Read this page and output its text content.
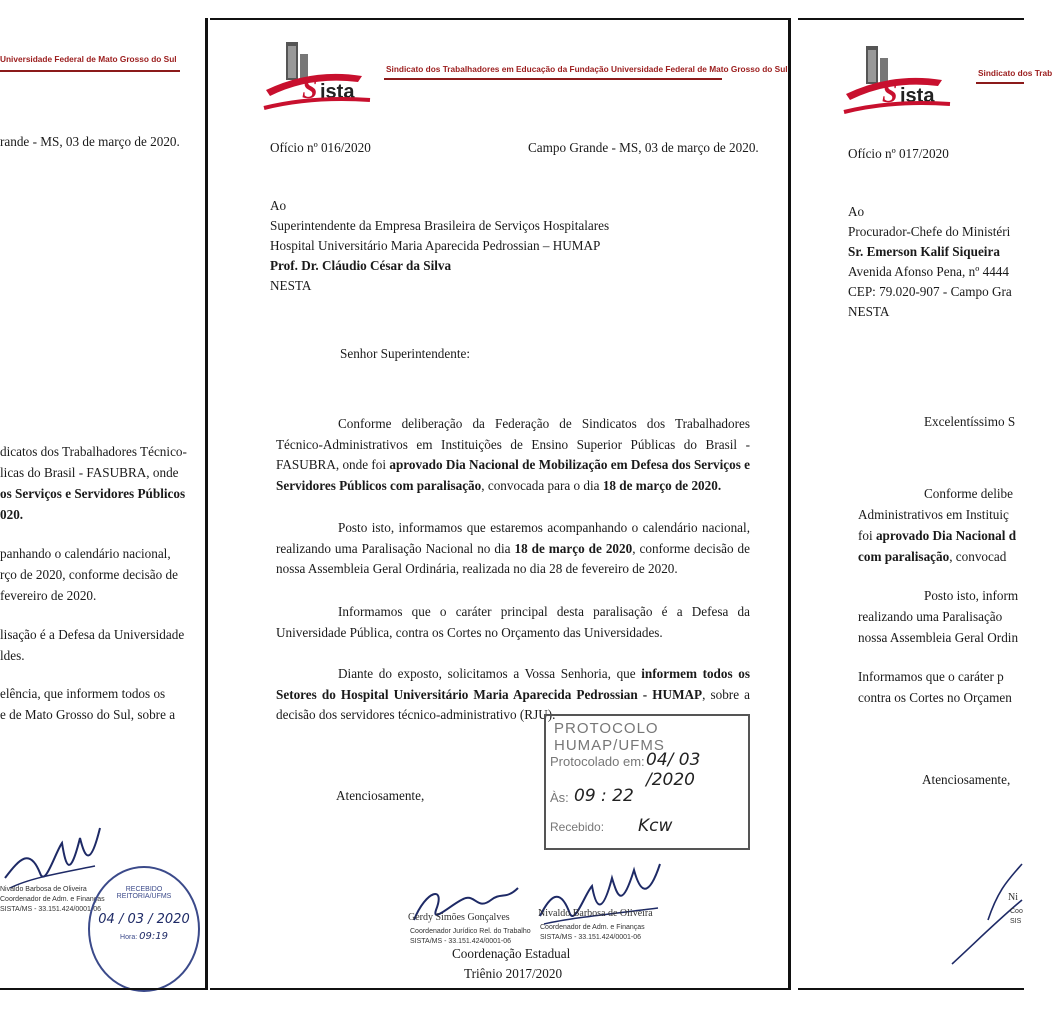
Universidade Federal de Mato Grosso do Sul
rande - MS, 03 de março de 2020.
dicatos dos Trabalhadores Técnico-
licas do Brasil - FASUBRA, onde
os Serviços e Servidores Públicos
020.
panhando o calendário nacional,
rço de 2020, conforme decisão de
fevereiro de 2020.
lisação é a Defesa da Universidade
ldes.
elência, que informem todos os
e de Mato Grosso do Sul, sobre a
Nivaldo Barbosa de Oliveira
Coordenador de Adm. e Finanças
SISTA/MS - 33.151.424/0001-06
RECEBIDO
REITORIA/UFMS
04 / 03 / 2020
Hora: 09:19
S ista
Sindicato dos Trabalhadores em Educação da Fundação Universidade Federal de Mato Grosso do Sul
Ofício nº 016/2020	Campo Grande - MS, 03 de março de 2020.
Ao
Superintendente da Empresa Brasileira de Serviços Hospitalares
Hospital Universitário Maria Aparecida Pedrossian – HUMAP
Prof. Dr. Cláudio César da Silva
NESTA
Senhor Superintendente:
Conforme deliberação da Federação de Sindicatos dos Trabalhadores Técnico-Administrativos em Instituições de Ensino Superior Públicas do Brasil - FASUBRA, onde foi aprovado Dia Nacional de Mobilização em Defesa dos Serviços e Servidores Públicos com paralisação, convocada para o dia 18 de março de 2020.
Posto isto, informamos que estaremos acompanhando o calendário nacional, realizando uma Paralisação Nacional no dia 18 de março de 2020, conforme decisão de nossa Assembleia Geral Ordinária, realizada no dia 28 de fevereiro de 2020.
Informamos que o caráter principal desta paralisação é a Defesa da Universidade Pública, contra os Cortes no Orçamento das Universidades.
Diante do exposto, solicitamos a Vossa Senhoria, que informem todos os Setores do Hospital Universitário Maria Aparecida Pedrossian - HUMAP, sobre a decisão dos servidores técnico-administrativo (RJU).
Atenciosamente,
PROTOCOLO HUMAP/UFMS
Protocolado em: 04/ 03 /2020
Às: 09 : 22
Recebido: Kcw
Gerdy Simões Gonçalves
Coordenador Jurídico Rel. do Trabalho
SISTA/MS - 33.151.424/0001-06
Nivaldo Barbosa de Oliveira
Coordenador de Adm. e Finanças
SISTA/MS - 33.151.424/0001-06
Coordenação Estadual
Triênio 2017/2020
S ista
Sindicato dos Trab
Ofício nº 017/2020
Ao
Procurador-Chefe do Ministéri
Sr. Emerson Kalif Siqueira
Avenida Afonso Pena, nº 4444
CEP: 79.020-907 - Campo Gra
NESTA
Excelentíssimo S
Conforme delibe
Administrativos em Instituiç
foi aprovado Dia Nacional d
com paralisação, convocad
Posto isto, inform
realizando uma Paralisação
nossa Assembleia Geral Ordin
Informamos que o caráter p
contra os Cortes no Orçamen
Atenciosamente,
Ni
Coo
SIS
